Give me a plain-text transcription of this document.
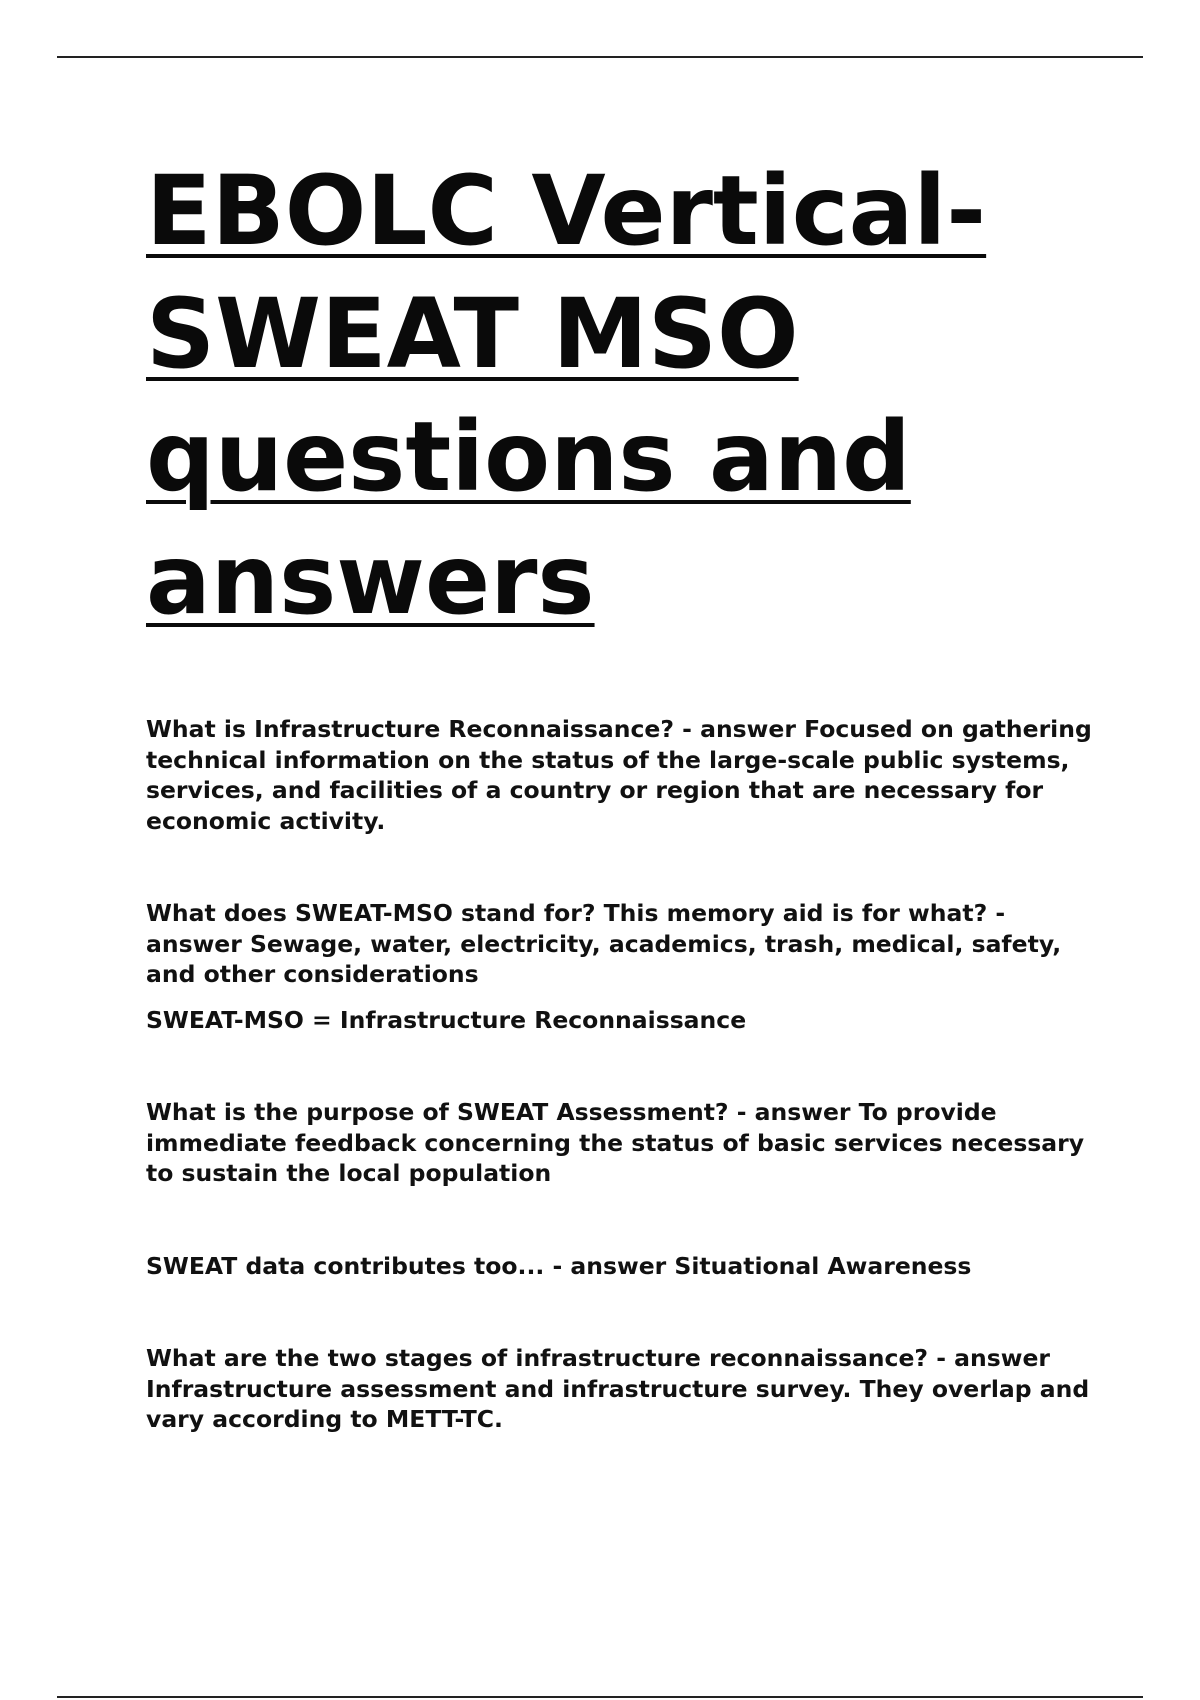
EBOLC Vertical-
SWEAT MSO
questions and
answers

What is Infrastructure Reconnaissance? - answer Focused on gathering technical information on the status of the large-scale public systems, services, and facilities of a country or region that are necessary for economic activity.

What does SWEAT-MSO stand for? This memory aid is for what? - answer Sewage, water, electricity, academics, trash, medical, safety, and other considerations

SWEAT-MSO = Infrastructure Reconnaissance

What is the purpose of SWEAT Assessment? - answer To provide immediate feedback concerning the status of basic services necessary to sustain the local population

SWEAT data contributes too... - answer Situational Awareness

What are the two stages of infrastructure reconnaissance? - answer Infrastructure assessment and infrastructure survey. They overlap and vary according to METT-TC.
